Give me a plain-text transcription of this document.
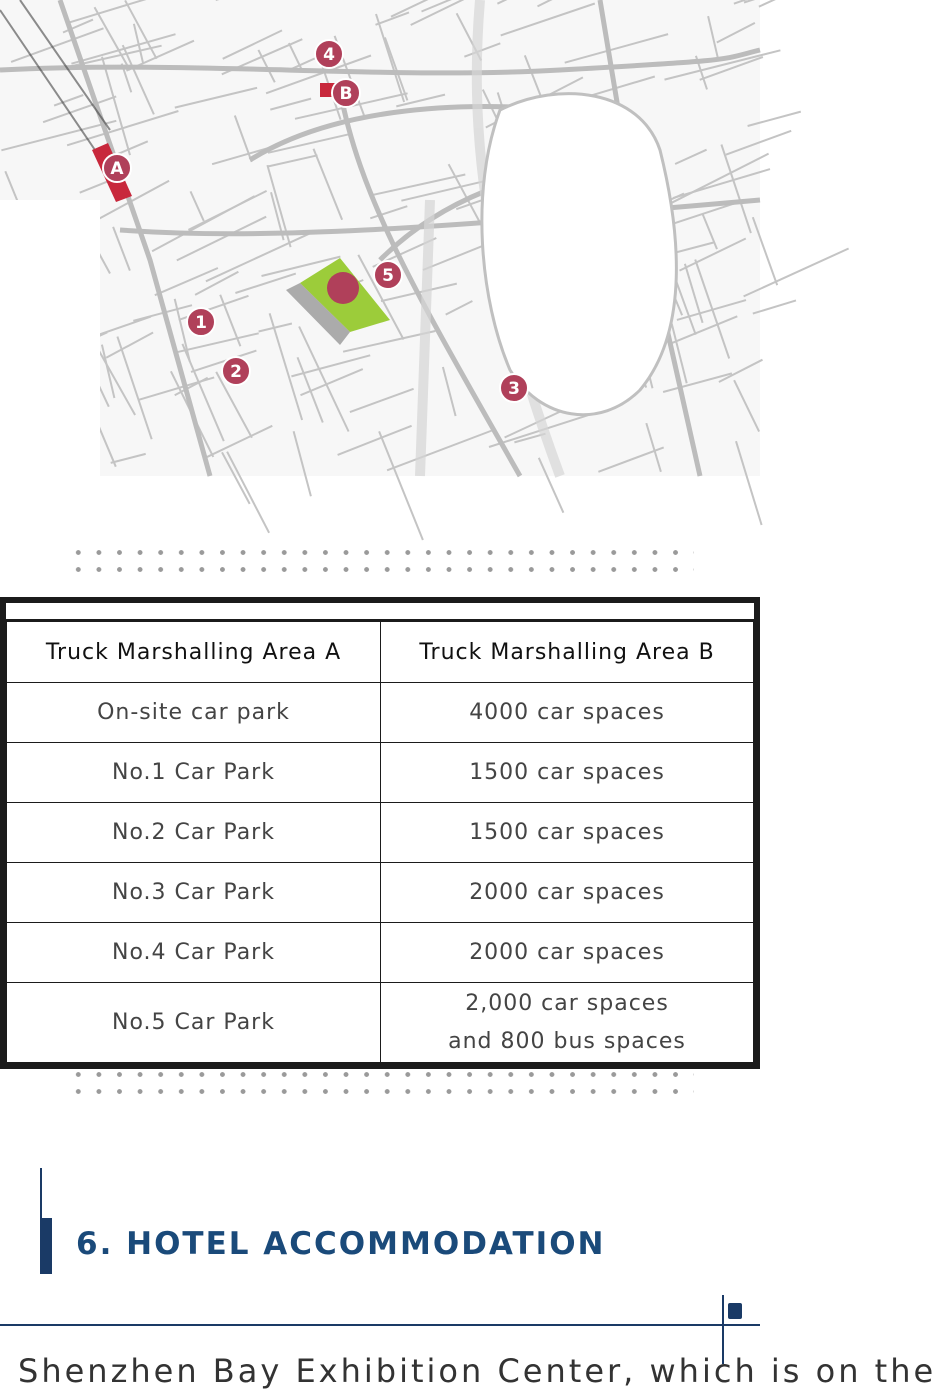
A
B
1
2
3
4
5
Truck Marshalling Area A	Truck Marshalling Area B
On-site car park	4000 car spaces
No.1 Car Park	1500 car spaces
No.2 Car Park	1500 car spaces
No.3 Car Park	2000 car spaces
No.4 Car Park	2000 car spaces
No.5 Car Park	2,000 car spaces
and 800 bus spaces
6. HOTEL ACCOMMODATION

Shenzhen Bay Exhibition Center, which is on the
